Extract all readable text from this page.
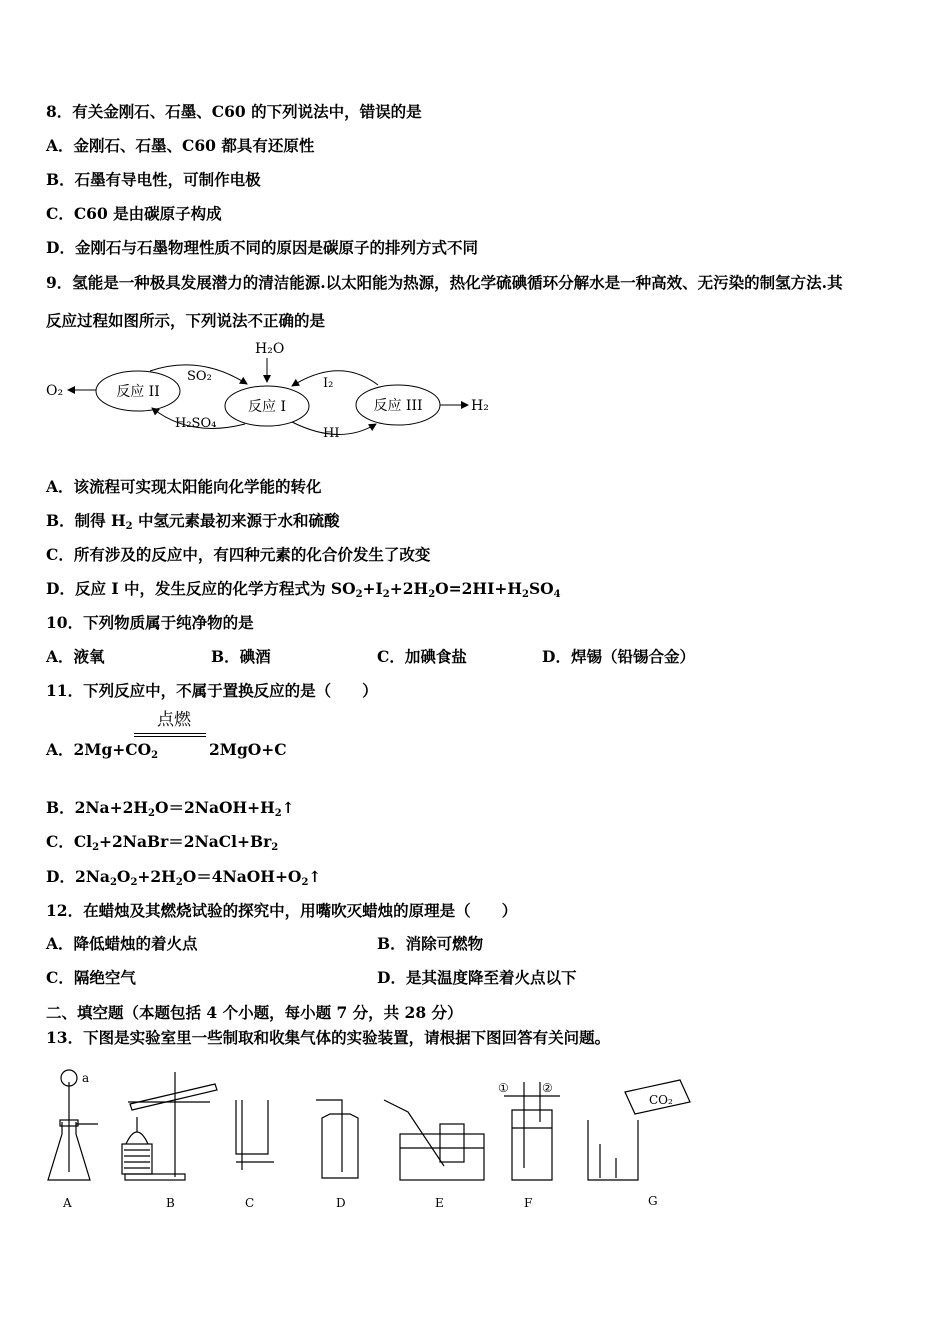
8．有关金刚石、石墨、C60 的下列说法中，错误的是
A．金刚石、石墨、C60 都具有还原性
B．石墨有导电性，可制作电极
C．C60 是由碳原子构成
D．金刚石与石墨物理性质不同的原因是碳原子的排列方式不同
9．氢能是一种极具发展潜力的清洁能源.以太阳能为热源，热化学硫碘循环分解水是一种高效、无污染的制氢方法.其
反应过程如图所示，下列说法不正确的是
反应 II
反应 I	反应 III
O₂
H₂
H₂O
SO₂
H₂SO₄
I₂
HI
A．该流程可实现太阳能向化学能的转化
B．制得 $H_2$ 中氢元素最初来源于水和硫酸
C．所有涉及的反应中，有四种元素的化合价发生了改变
D．反应 I 中，发生反应的化学方程式为 $SO_2+I_2+2H_2O=2HI+H_2SO_4$
10．下列物质属于纯净物的是
A．液氧	B．碘酒	C．加碘食盐	D．焊锡（铅锡合金）
11．下列反应中，不属于置换反应的是（　　）
点燃
A．$2Mg+CO_2$	2MgO+C
B．$2Na+2H_2O=2NaOH+H_2↑$
C．$Cl_2+2NaBr=2NaCl+Br_2$
D．$2Na_2O_2+2H_2O=4NaOH+O_2↑$
12．在蜡烛及其燃烧试验的探究中，用嘴吹灭蜡烛的原理是（　　）
A．降低蜡烛的着火点	B．消除可燃物
C．隔绝空气	D．是其温度降至着火点以下
二、填空题（本题包括 4 个小题，每小题 7 分，共 28 分）
13．下图是实验室里一些制取和收集气体的实验装置，请根据下图回答有关问题。
a
①	②
CO₂
A	B	C	D	E	F	G
